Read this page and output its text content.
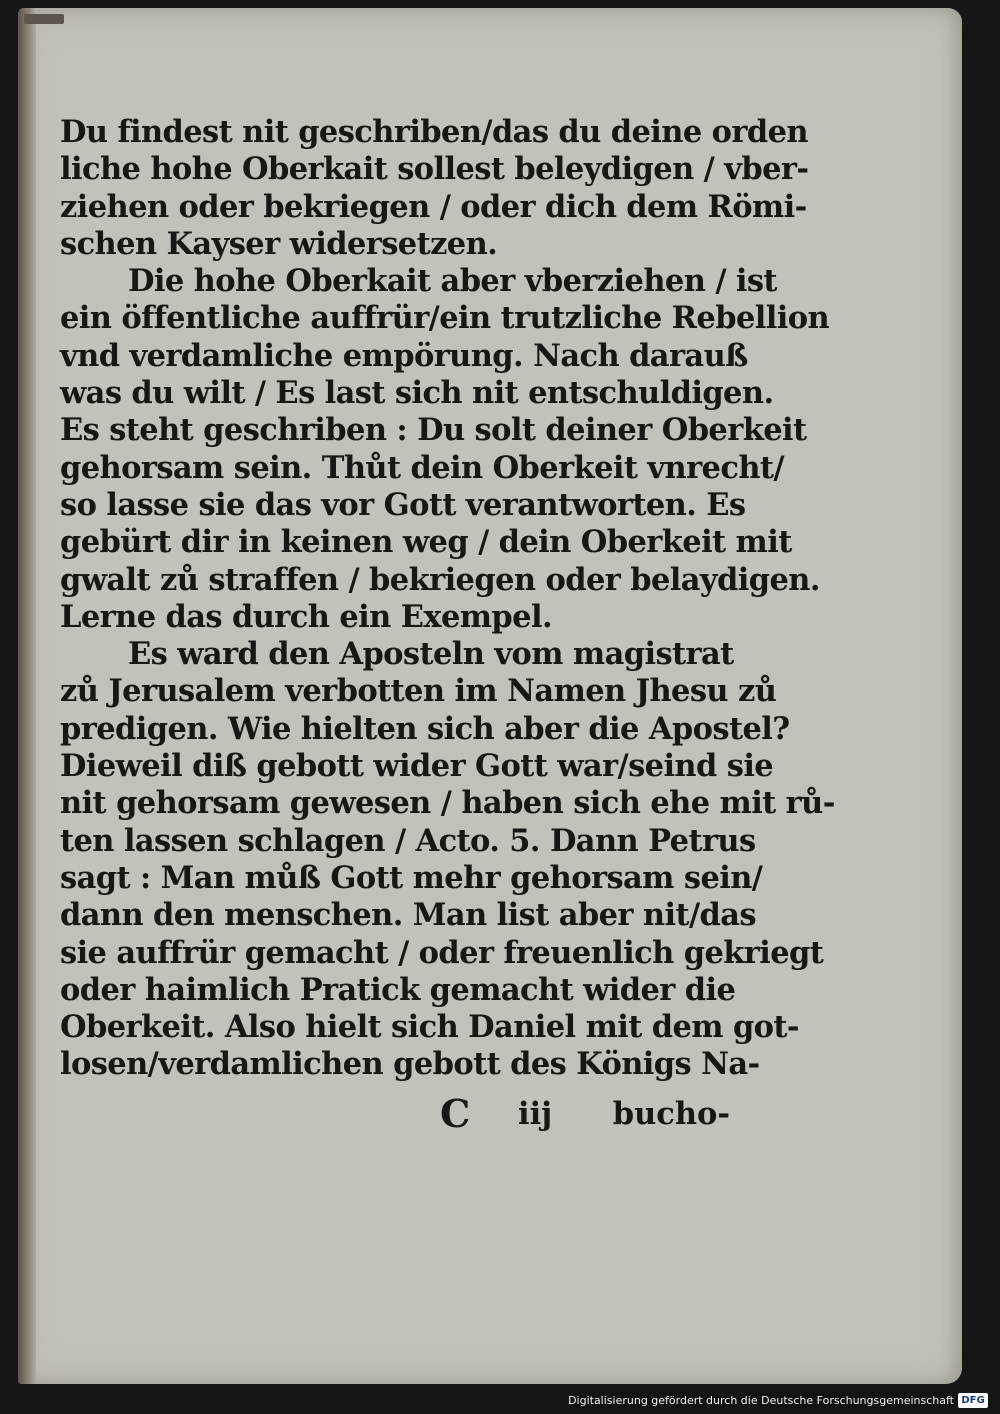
Du findest nit geschriben/das du deine orden
liche hohe Oberkait sollest beleydigen / vber-
ziehen oder bekriegen / oder dich dem Römi-
schen Kayser widersetzen.
Die hohe Oberkait aber vberziehen / ist
ein öffentliche auffrür/ein trutzliche Rebellion
vnd verdamliche empörung. Nach darauß
was du wilt / Es last sich nit entschuldigen.
Es steht geschriben : Du solt deiner Oberkeit
gehorsam sein. Thůt dein Oberkeit vnrecht/
so lasse sie das vor Gott verantworten. Es
gebürt dir in keinen weg / dein Oberkeit mit
gwalt zů straffen / bekriegen oder belaydigen.
Lerne das durch ein Exempel.
Es ward den Aposteln vom magistrat
zů Jerusalem verbotten im Namen Jhesu zů
predigen. Wie hielten sich aber die Apostel?
Dieweil diß gebott wider Gott war/seind sie
nit gehorsam gewesen / haben sich ehe mit rů-
ten lassen schlagen / Acto. 5. Dann Petrus
sagt : Man můß Gott mehr gehorsam sein/
dann den menschen. Man list aber nit/das
sie auffrür gemacht / oder freuenlich gekriegt
oder haimlich Pratick gemacht wider die
Oberkeit. Also hielt sich Daniel mit dem got-
losen/verdamlichen gebott des Königs Na-
C iij bucho-
Digitalisierung gefördert durch die Deutsche Forschungsgemeinschaft DFG
